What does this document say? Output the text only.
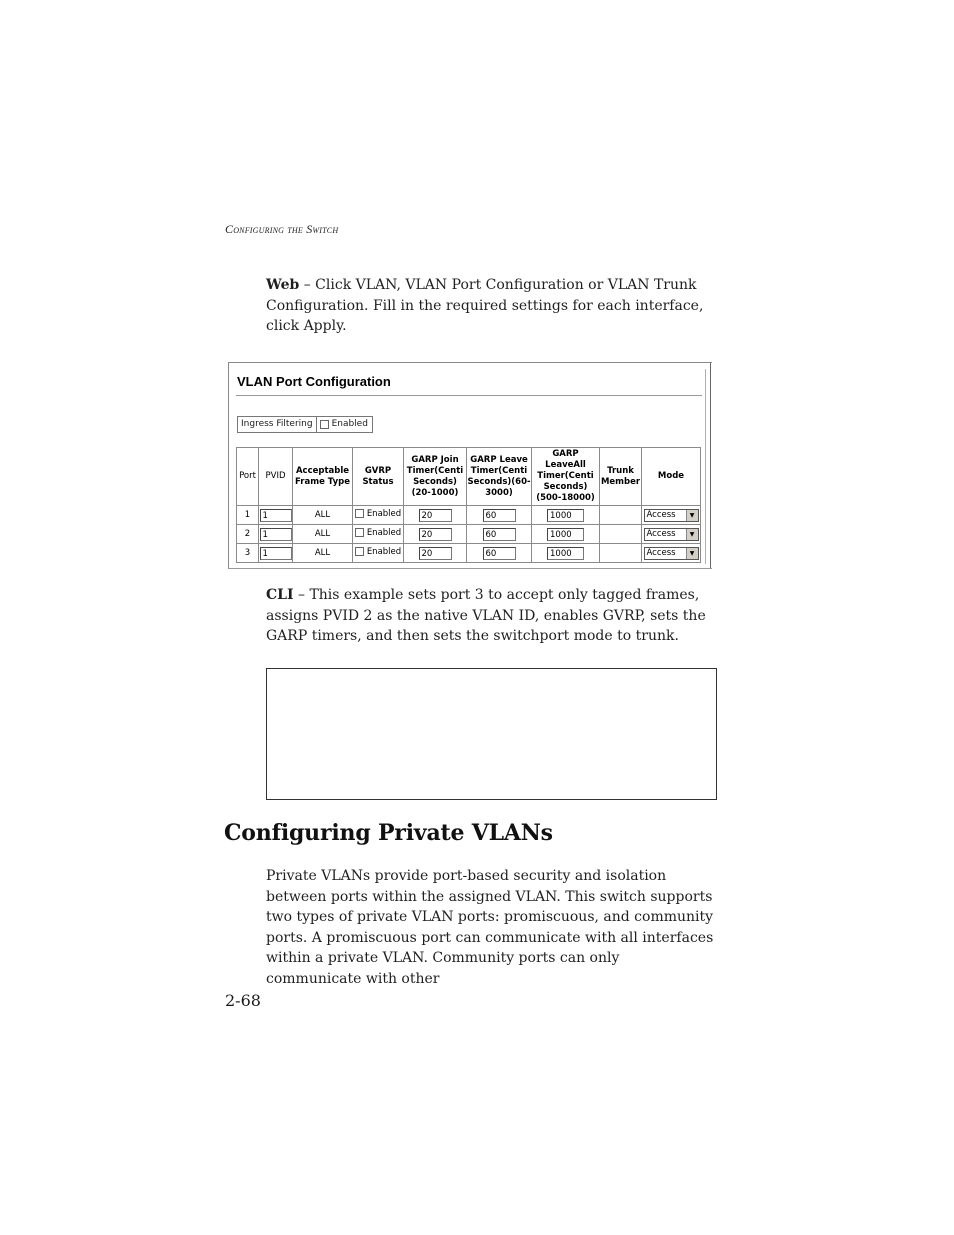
Configuring the Switch
Web – Click VLAN, VLAN Port Configuration or VLAN Trunk Configuration. Fill in the required settings for each interface, click Apply.
VLAN Port Configuration
Ingress Filtering	Enabled
Port	PVID	Acceptable Frame Type	GVRP Status	GARP Join Timer(Centi Seconds)(20-1000)	GARP Leave Timer(Centi Seconds)(60-3000)	GARP LeaveAll Timer(Centi Seconds)(500-18000)	Trunk Member	Mode
1	1	ALL	Enabled	20	60	1000		Access ▼

2	1	ALL	Enabled	20	60	1000		Access ▼

3	1	ALL	Enabled	20	60	1000		Access ▼
CLI – This example sets port 3 to accept only tagged frames, assigns PVID 2 as the native VLAN ID, enables GVRP, sets the GARP timers, and then sets the switchport mode to trunk.
Configuring Private VLANs
Private VLANs provide port-based security and isolation between ports within the assigned VLAN. This switch supports two types of private VLAN ports: promiscuous, and community ports. A promiscuous port can communicate with all interfaces within a private VLAN. Community ports can only communicate with other
2-68
